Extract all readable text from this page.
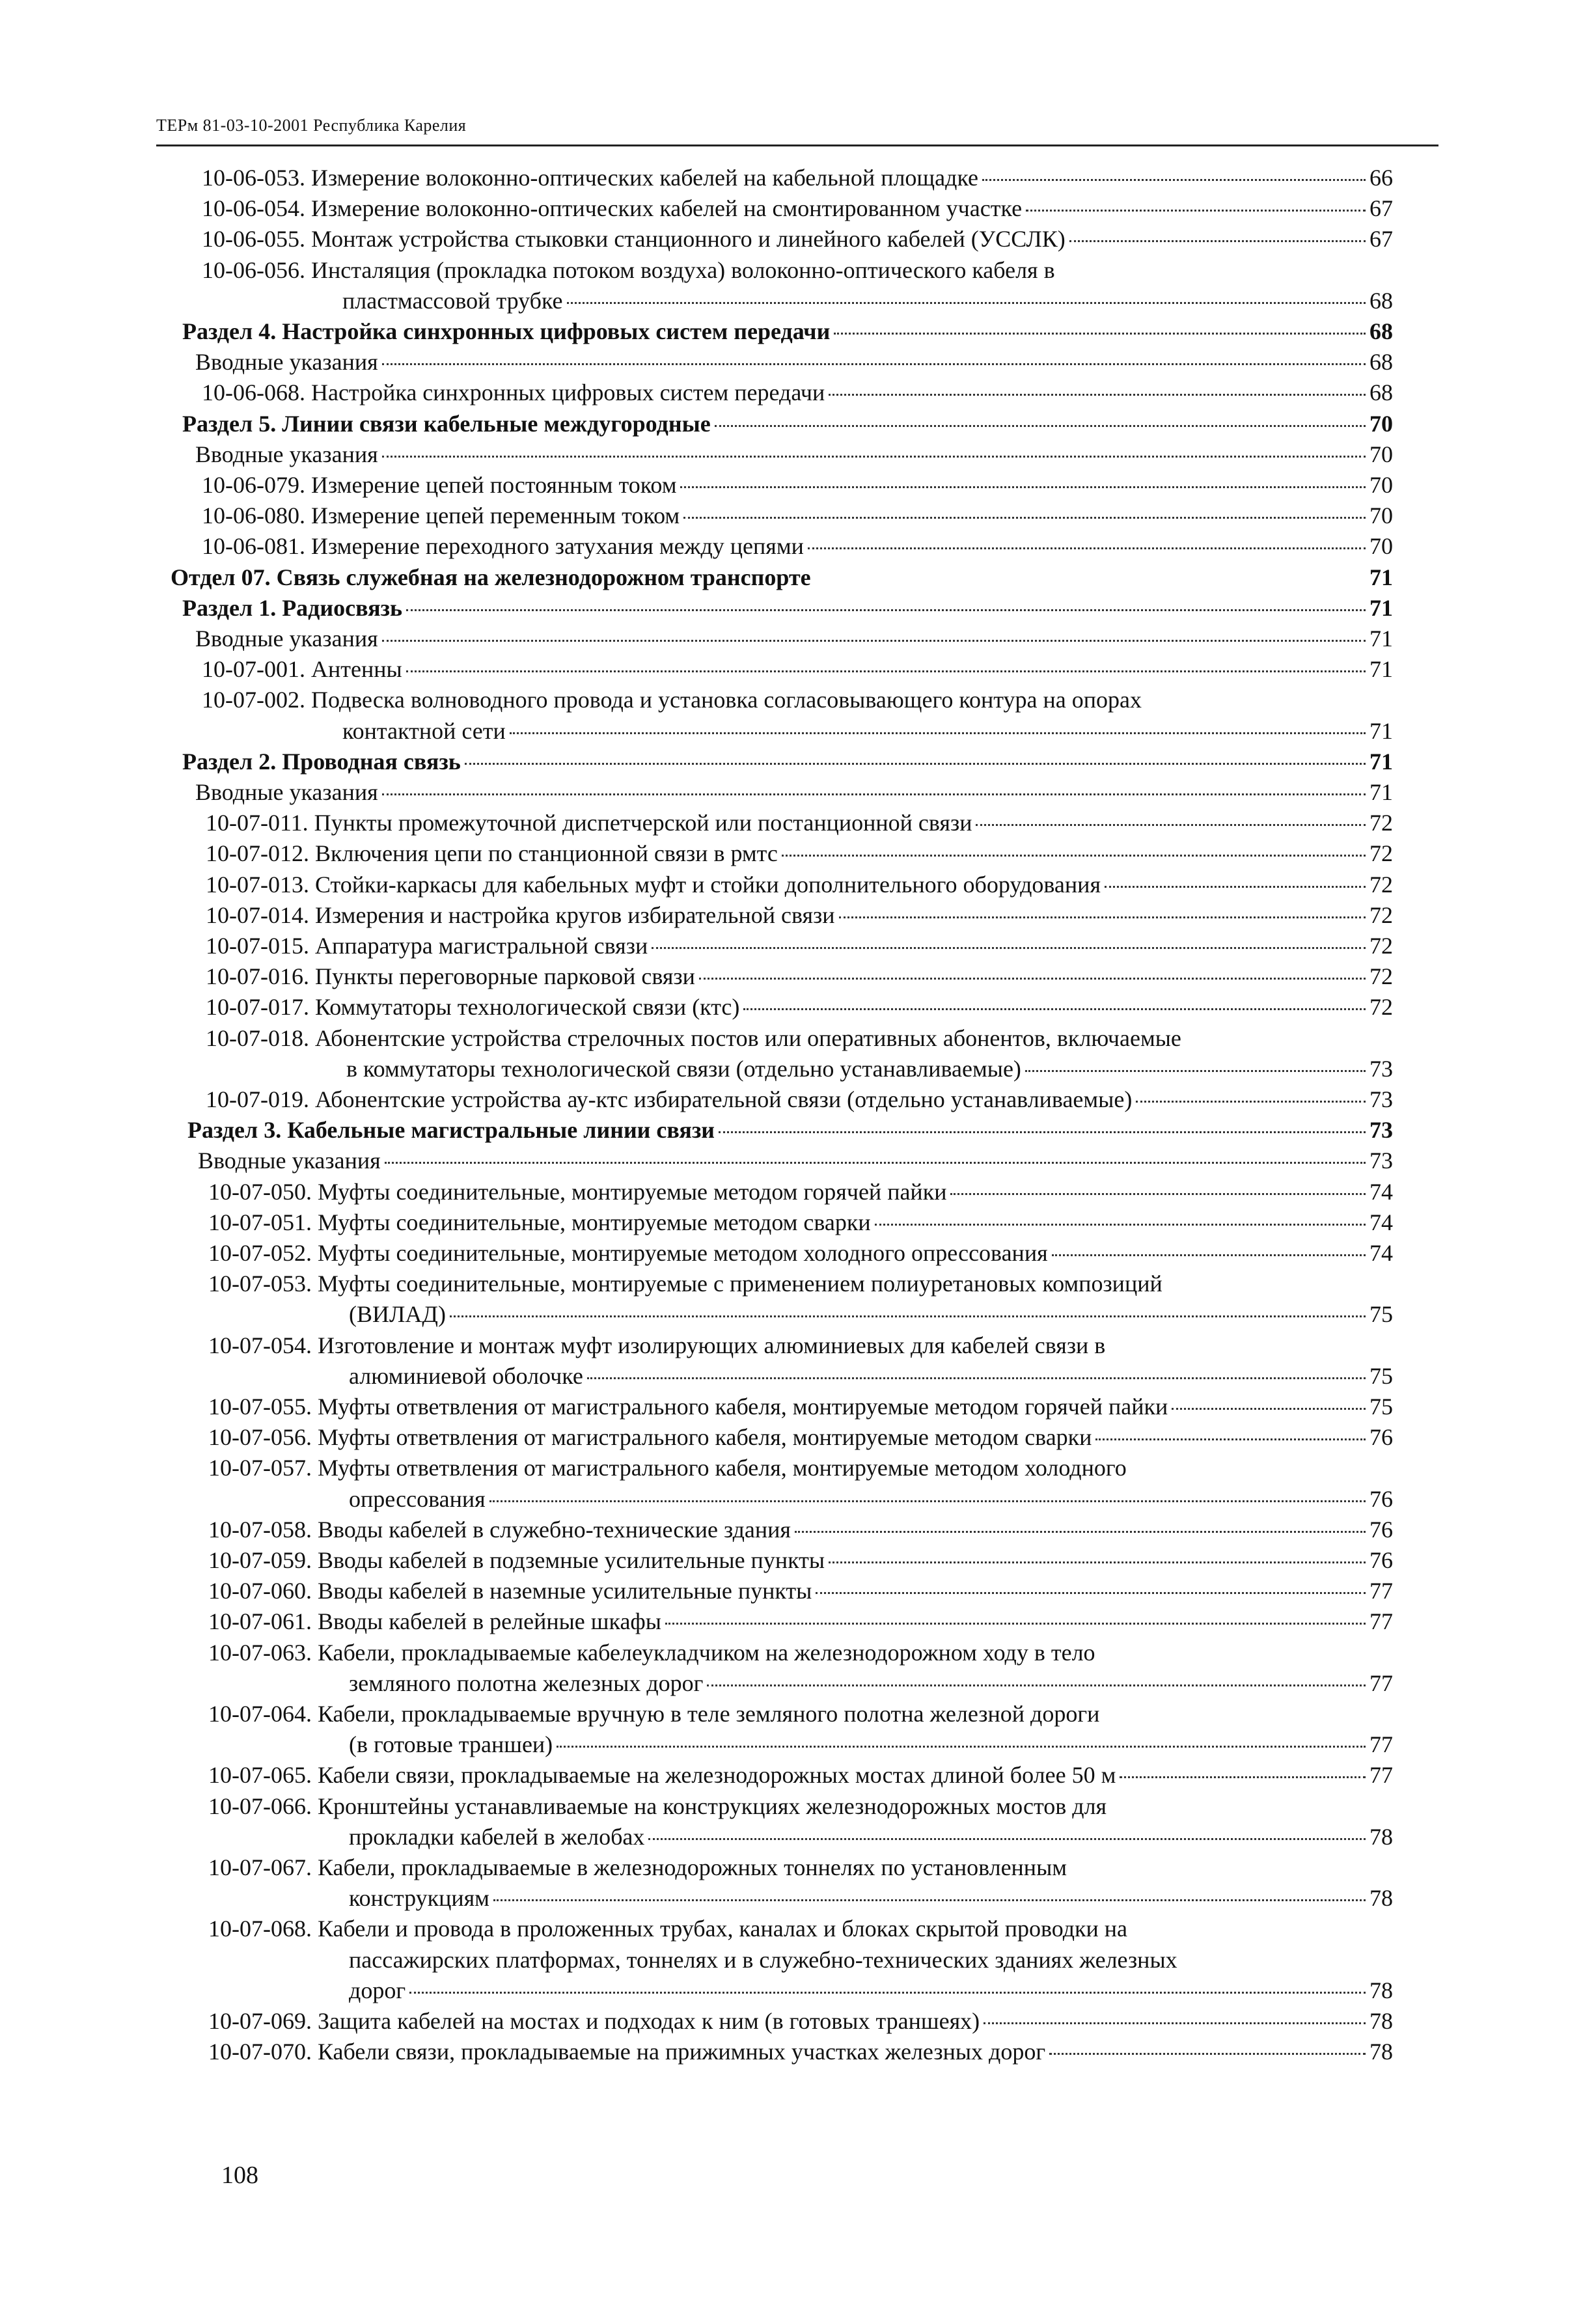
ТЕРм 81-03-10-2001 Республика Карелия
10-06-053. Измерение волоконно-оптических кабелей на кабельной площадке	66
10-06-054. Измерение волоконно-оптических кабелей на смонтированном участке	67
10-06-055. Монтаж устройства стыковки станционного и линейного кабелей (УССЛК)	67
10-06-056. Инсталяция (прокладка потоком воздуха) волоконно-оптического кабеля в
пластмассовой трубке	68
Раздел 4. Настройка синхронных цифровых систем передачи	68
Вводные указания	68
10-06-068. Настройка синхронных цифровых систем передачи	68
Раздел 5. Линии связи кабельные междугородные	70
Вводные указания	70
10-06-079. Измерение цепей постоянным током	70
10-06-080. Измерение цепей переменным током	70
10-06-081. Измерение переходного затухания между цепями	70
Отдел 07. Связь служебная на железнодорожном транспорте	71
Раздел 1. Радиосвязь	71
Вводные указания	71
10-07-001. Антенны	71
10-07-002. Подвеска волноводного провода и установка согласовывающего контура на опорах
контактной сети	71
Раздел 2. Проводная связь	71
Вводные указания	71
10-07-011. Пункты промежуточной диспетчерской или постанционной связи	72
10-07-012. Включения цепи по станционной связи в рмтс	72
10-07-013. Стойки-каркасы для кабельных муфт и стойки дополнительного оборудования	72
10-07-014. Измерения и настройка кругов избирательной связи	72
10-07-015. Аппаратура магистральной связи	72
10-07-016. Пункты переговорные парковой связи	72
10-07-017. Коммутаторы технологической связи (ктс)	72
10-07-018. Абонентские устройства стрелочных постов или оперативных абонентов, включаемые
в коммутаторы технологической связи (отдельно устанавливаемые)	73
10-07-019. Абонентские устройства ау-ктс избирательной связи (отдельно устанавливаемые)	73
Раздел 3. Кабельные магистральные линии связи	73
Вводные указания	73
10-07-050. Муфты соединительные, монтируемые методом горячей пайки	74
10-07-051. Муфты соединительные, монтируемые методом сварки	74
10-07-052. Муфты соединительные, монтируемые методом холодного опрессования	74
10-07-053. Муфты соединительные, монтируемые с применением полиуретановых композиций
(ВИЛАД)	75
10-07-054. Изготовление и монтаж муфт изолирующих алюминиевых для кабелей связи в
алюминиевой оболочке	75
10-07-055. Муфты ответвления от магистрального кабеля, монтируемые методом горячей пайки	75
10-07-056. Муфты ответвления от магистрального кабеля, монтируемые методом сварки	76
10-07-057. Муфты ответвления от магистрального кабеля, монтируемые методом холодного
опрессования	76
10-07-058. Вводы кабелей в служебно-технические здания	76
10-07-059. Вводы кабелей в подземные усилительные пункты	76
10-07-060. Вводы кабелей в наземные усилительные пункты	77
10-07-061. Вводы кабелей в релейные шкафы	77
10-07-063. Кабели, прокладываемые кабелеукладчиком на железнодорожном ходу в тело
земляного полотна железных дорог	77
10-07-064. Кабели, прокладываемые вручную в теле земляного полотна железной дороги
(в готовые траншеи)	77
10-07-065. Кабели связи, прокладываемые на железнодорожных мостах длиной более 50 м	77
10-07-066. Кронштейны устанавливаемые на конструкциях железнодорожных мостов для
прокладки кабелей в желобах	78
10-07-067. Кабели, прокладываемые в железнодорожных тоннелях по установленным
конструкциям	78
10-07-068. Кабели и провода в проложенных трубах, каналах и блоках скрытой проводки на
пассажирских платформах, тоннелях и в служебно-технических зданиях железных
дорог	78
10-07-069. Защита кабелей на мостах и подходах к ним (в готовых траншеях)	78
10-07-070. Кабели связи, прокладываемые на прижимных участках железных дорог	78
108
